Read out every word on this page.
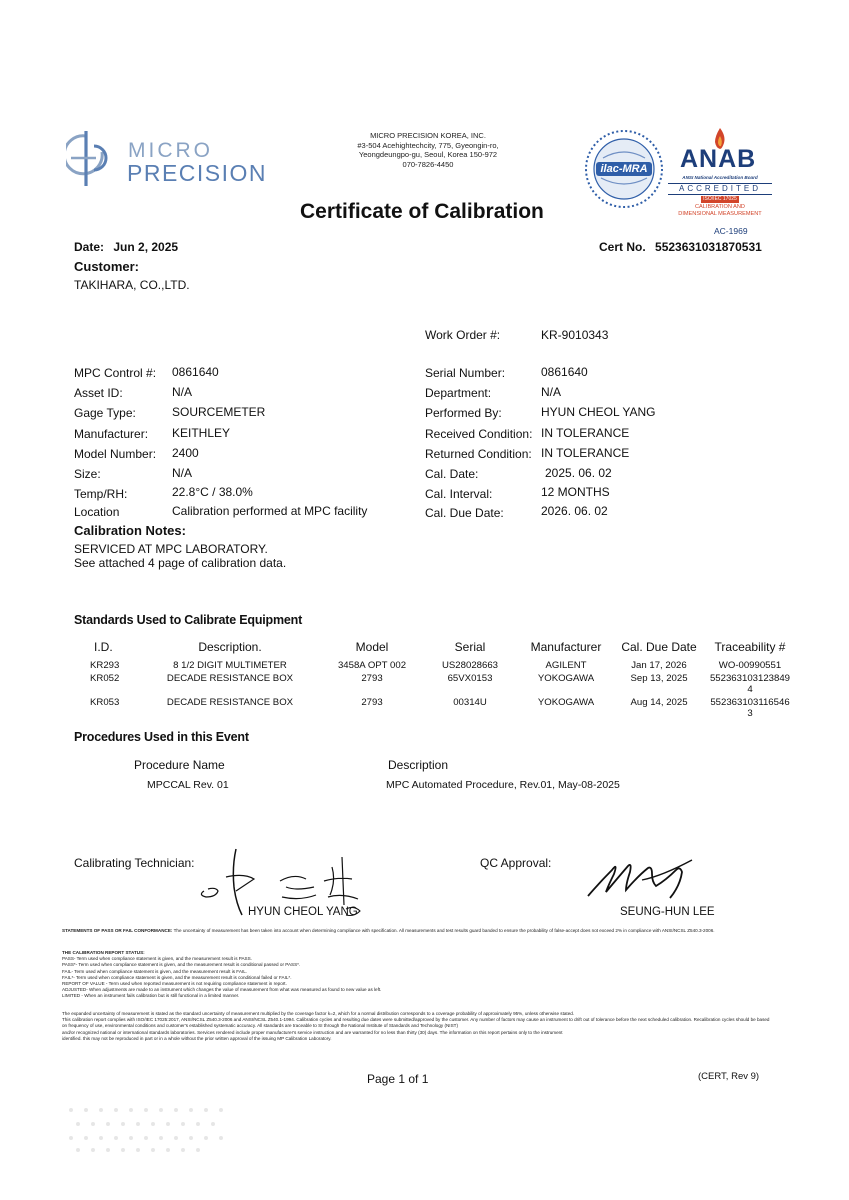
MICRO
PRECISION
MICRO PRECISION KOREA, INC.
#3-504 Acehightechcity, 775, Gyeongin-ro,
Yeongdeungpo-gu, Seoul, Korea 150-972
070-7826-4450
Certificate of Calibration
ilac-MRA ANAB
ANSI National Accreditation Board
ACCREDITED
ISO/IEC 17025
CALIBRATION AND
DIMENSIONAL MEASUREMENT
AC-1969
Date: Jun 2, 2025	Cert No. 5523631031870531
Customer:
TAKIHARA, CO.,LTD.
Work Order #:	KR-9010343
MPC Control #: 0861640
Asset ID:	N/A
Gage Type:	SOURCEMETER
Manufacturer: KEITHLEY
Model Number: 2400
Size:	N/A
Temp/RH:	22.8°C / 38.0%
Location	Calibration performed at MPC facility
Serial Number:	0861640
Department:	N/A
Performed By:	HYUN CHEOL YANG
Received Condition: IN TOLERANCE
Returned Condition: IN TOLERANCE
Cal. Date:	2025. 06. 02
Cal. Interval:	12 MONTHS
Cal. Due Date:	2026. 06. 02
Calibration Notes:
SERVICED AT MPC LABORATORY.
See attached 4 page of calibration data.
Standards Used to Calibrate Equipment
I.D.	Description.	Model	Serial	Manufacturer	Cal. Due Date	Traceability #
KR293	8 1/2 DIGIT MULTIMETER	3458A OPT 002	US28028663	AGILENT	Jan 17, 2026	WO-00990551

KR052	DECADE RESISTANCE BOX	2793	65VX0153	YOKOGAWA	Sep 13, 2025	552363103123849
4

KR053	DECADE RESISTANCE BOX	2793	00314U	YOKOGAWA	Aug 14, 2025	552363103116546
3
Procedures Used in this Event
Procedure Name	Description
MPCCAL Rev. 01	MPC Automated Procedure, Rev.01, May-08-2025
Calibrating Technician:
HYUN CHEOL YANG
QC Approval:
SEUNG-HUN LEE
STATEMENTS OF PASS OR FAIL CONFORMANCE: The uncertainty of measurement has been taken into account when determining compliance with specification. All measurements and test results guard banded to ensure the probability of false-accept does not exceed 2% in compliance with ANSI/NCSL Z540.3-2006.
THE CALIBRATION REPORT STATUS:
PASS- Term used when compliance statement is given, and the measurement result is PASS.
PASS*- Term used when compliance statement is given, and the measurement result is conditional passed or PASS*.
FAIL- Term used when compliance statement is given, and the measurement result is FAIL.
FAIL*- Term used when compliance statement is given, and the measurement result is conditional failed or FAIL*.
REPORT OF VALUE - Term used when reported measurement is not requiring compliance statement in report.
ADJUSTED- When adjustments are made to an instrument which changes the value of measurement from what was measured as found to new value as left.
LIMITED - When an instrument fails calibration but is still functional in a limited manner.
The expanded uncertainty of measurement is stated as the standard uncertainty of measurement multiplied by the coverage factor k=2, which for a normal distribution corresponds to a coverage probability of approximately 95%, unless otherwise stated.
This calibration report complies with ISO/IEC 17025:2017, ANSI/NCSL Z540.3-2006 and ANSI/NCSL Z540.1-1994. Calibration cycles and resulting due dates were submitted/approved by the customer. Any number of factors may cause an instrument to drift out of tolerance before the next scheduled calibration. Recalibration cycles should be based on frequency of use, environmental conditions and customer's established systematic accuracy. All standards are traceable to SI through the National Institute of Standards and Technology (NIST)
and/or recognized national or international standards laboratories. Services rendered include proper manufacturer's service instruction and are warranted for no less than thirty (30) days. The information on this report pertains only to the instrument
identified. this may not be reproduced in part or in a whole without the prior written approval of the issuing MP Calibration Laboratory.
Page 1 of 1	(CERT, Rev 9)
